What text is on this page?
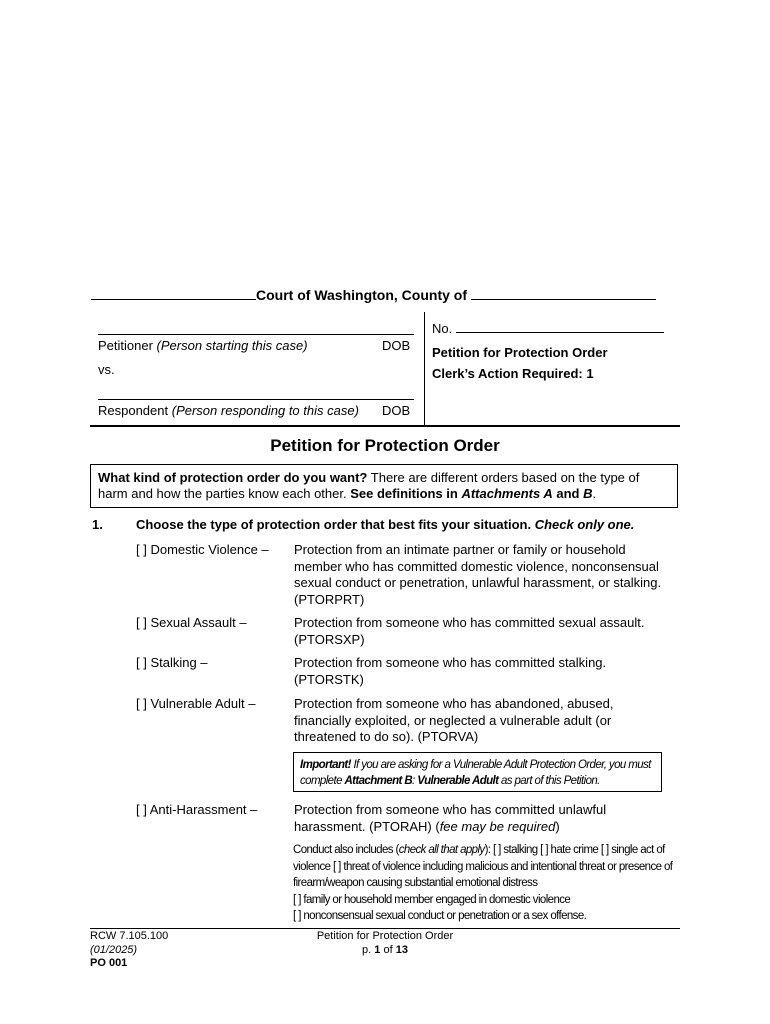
Court of Washington, County of
Petitioner (Person starting this case)	DOB
vs.
Respondent (Person responding to this case) DOB
No.
Petition for Protection Order
Clerk’s Action Required: 1
Petition for Protection Order
What kind of protection order do you want? There are different orders based on the type of harm and how the parties know each other. See definitions in Attachments A and B.
1.	Choose the type of protection order that best fits your situation. Check only one.
[ ] Domestic Violence – Protection from an intimate partner or family or household member who has committed domestic violence, nonconsensual sexual conduct or penetration, unlawful harassment, or stalking. (PTORPRT)
[ ] Sexual Assault –	Protection from someone who has committed sexual assault. (PTORSXP)
[ ] Stalking –	Protection from someone who has committed stalking. (PTORSTK)
[ ] Vulnerable Adult –	Protection from someone who has abandoned, abused, financially exploited, or neglected a vulnerable adult (or threatened to do so). (PTORVA)
Important! If you are asking for a Vulnerable Adult Protection Order, you must complete Attachment B: Vulnerable Adult as part of this Petition.
[ ] Anti-Harassment –	Protection from someone who has committed unlawful harassment. (PTORAH) (fee may be required)
Conduct also includes (check all that apply): [ ] stalking [ ] hate crime [ ] single act of violence [ ] threat of violence including malicious and intentional threat or presence of firearm/weapon causing substantial emotional distress
[ ] family or household member engaged in domestic violence
[ ] nonconsensual sexual conduct or penetration or a sex offense.
RCW 7.105.100
(01/2025)
PO 001
Petition for Protection Order
p. 1 of 13
